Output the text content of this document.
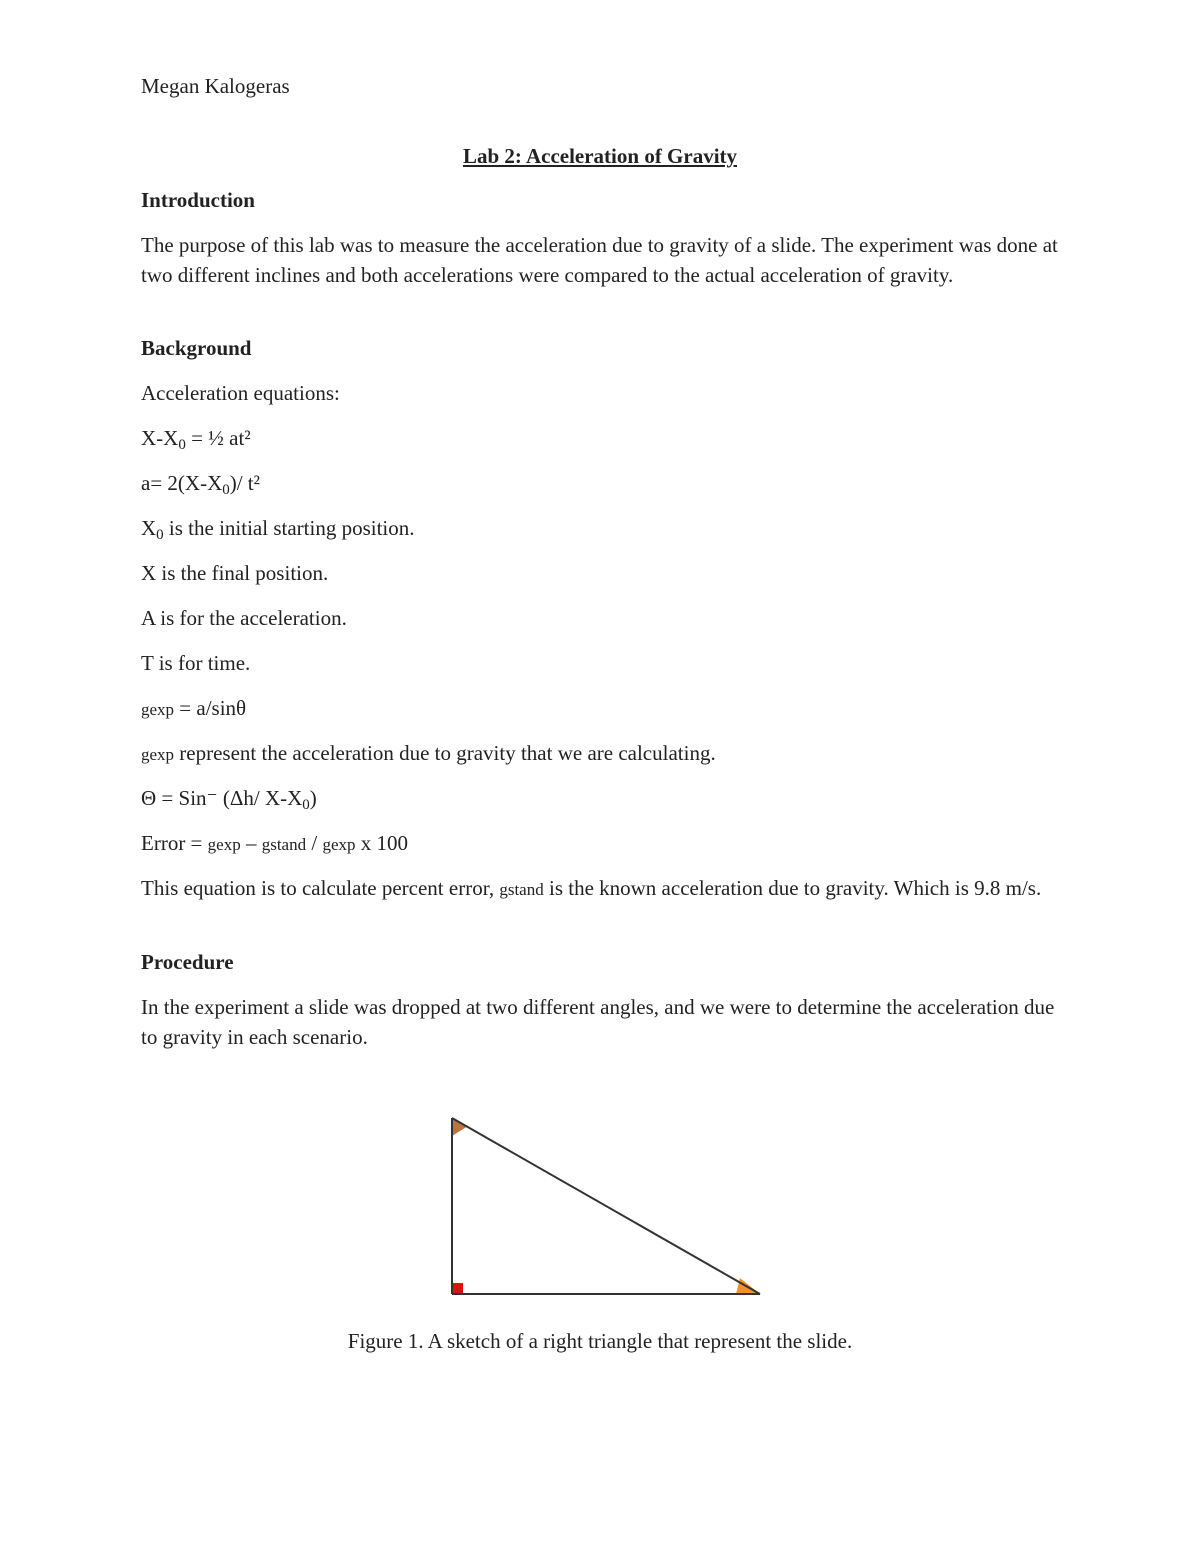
Megan Kalogeras
Lab 2: Acceleration of Gravity
Introduction
The purpose of this lab was to measure the acceleration due to gravity of a slide. The experiment was done at two different inclines and both accelerations were compared to the actual acceleration of gravity.
Background
Acceleration equations:
$X-X_0$ = ½ at²
$a= 2(X-X_0)/$ t²
$X_0$ is the initial starting position.
X is the final position.
A is for the acceleration.
T is for time.
gexp = a/sinθ
gexp represent the acceleration due to gravity that we are calculating.
Θ = Sin⁻ (Δh/ $X-X_0$)
Error = gexp – gstand / gexp x 100
This equation is to calculate percent error, gstand is the known acceleration due to gravity. Which is 9.8 m/s.
Procedure
In the experiment a slide was dropped at two different angles, and we were to determine the acceleration due to gravity in each scenario.
Figure 1. A sketch of a right triangle that represent the slide.
